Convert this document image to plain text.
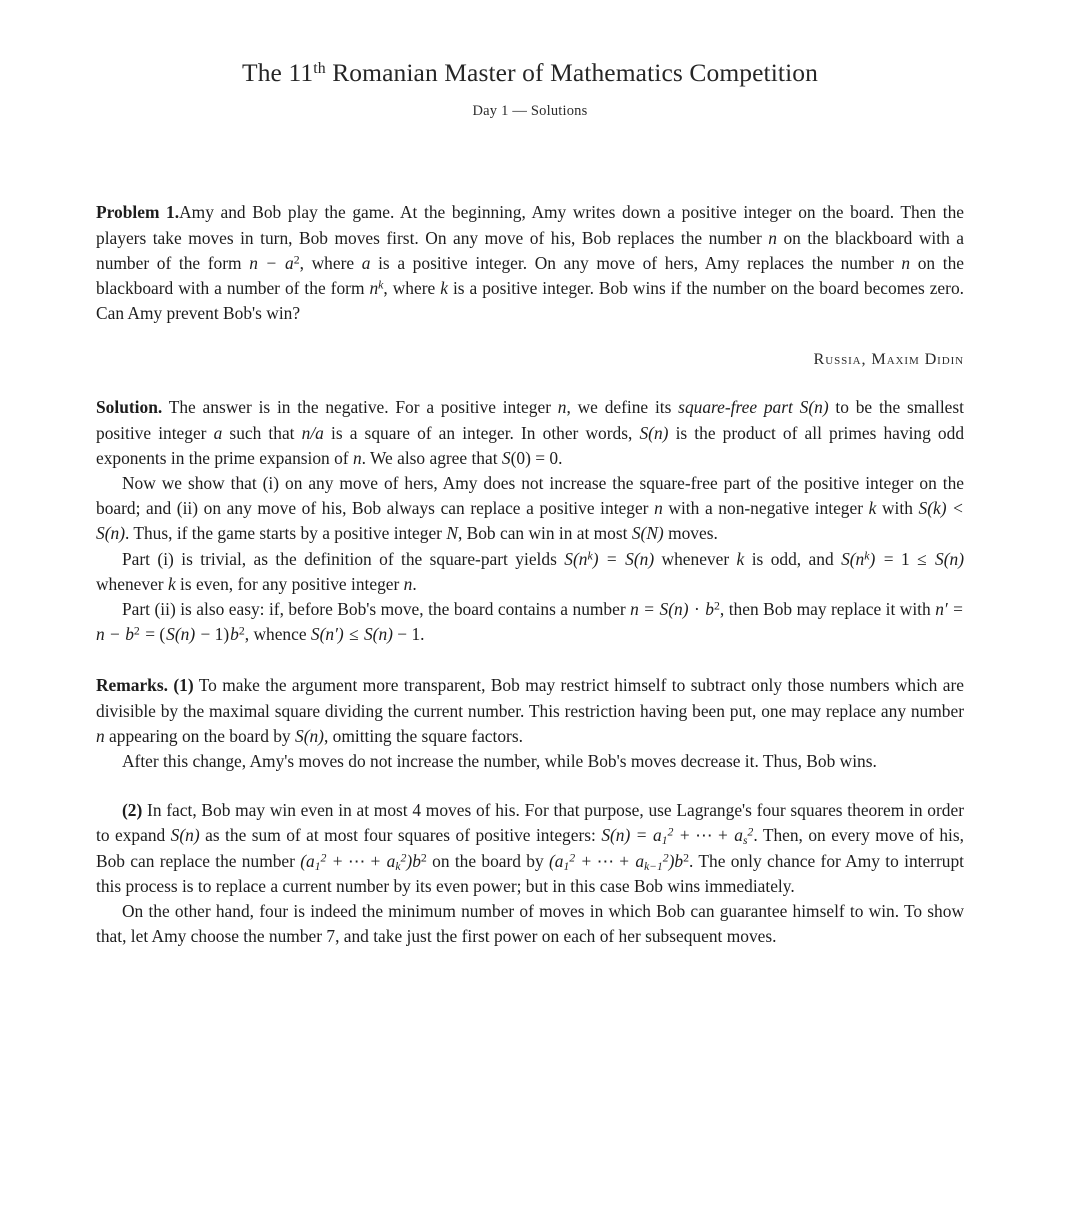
The 11th Romanian Master of Mathematics Competition
Day 1 — Solutions

Problem 1.Amy and Bob play the game. At the beginning, Amy writes down a positive integer on the board. Then the players take moves in turn, Bob moves first. On any move of his, Bob replaces the number n on the blackboard with a number of the form $n - a^2$, where a is a positive integer. On any move of hers, Amy replaces the number n on the blackboard with a number of the form $n^k$, where k is a positive integer. Bob wins if the number on the board becomes zero. Can Amy prevent Bob's win?

Russia, Maxim Didin

Solution. The answer is in the negative. For a positive integer n, we define its square-free part S(n) to be the smallest positive integer a such that n/a is a square of an integer. In other words, S(n) is the product of all primes having odd exponents in the prime expansion of n. We also agree that S(0) = 0.

Now we show that (i) on any move of hers, Amy does not increase the square-free part of the positive integer on the board; and (ii) on any move of his, Bob always can replace a positive integer n with a non-negative integer k with S(k) < S(n). Thus, if the game starts by a positive integer N, Bob can win in at most S(N) moves.

Part (i) is trivial, as the definition of the square-part yields $S(n^k) = S(n)$ whenever k is odd, and $S(n^k) = 1 \le S(n)$ whenever k is even, for any positive integer n.

Part (ii) is also easy: if, before Bob's move, the board contains a number $n = S(n) \cdot b^2$, then Bob may replace it with $n' = n - b^2 = (S(n) - 1)b^2$, whence S(n′) ≤ S(n) − 1.

Remarks. (1) To make the argument more transparent, Bob may restrict himself to subtract only those numbers which are divisible by the maximal square dividing the current number. This restriction having been put, one may replace any number n appearing on the board by S(n), omitting the square factors.

After this change, Amy's moves do not increase the number, while Bob's moves decrease it. Thus, Bob wins.

(2) In fact, Bob may win even in at most 4 moves of his. For that purpose, use Lagrange's four squares theorem in order to expand S(n) as the sum of at most four squares of positive integers: $S(n) = a_1^2$ + ⋯ + $a_s^2$. Then, on every move of his, Bob can replace the number ($a_1^2$ + ⋯ + $a_k^2)b^2$ on the board by ($a_1^2$ + ⋯ + $a_{k-1}^2)b^2$. The only chance for Amy to interrupt this process is to replace a current number by its even power; but in this case Bob wins immediately.

On the other hand, four is indeed the minimum number of moves in which Bob can guarantee himself to win. To show that, let Amy choose the number 7, and take just the first power on each of her subsequent moves.
